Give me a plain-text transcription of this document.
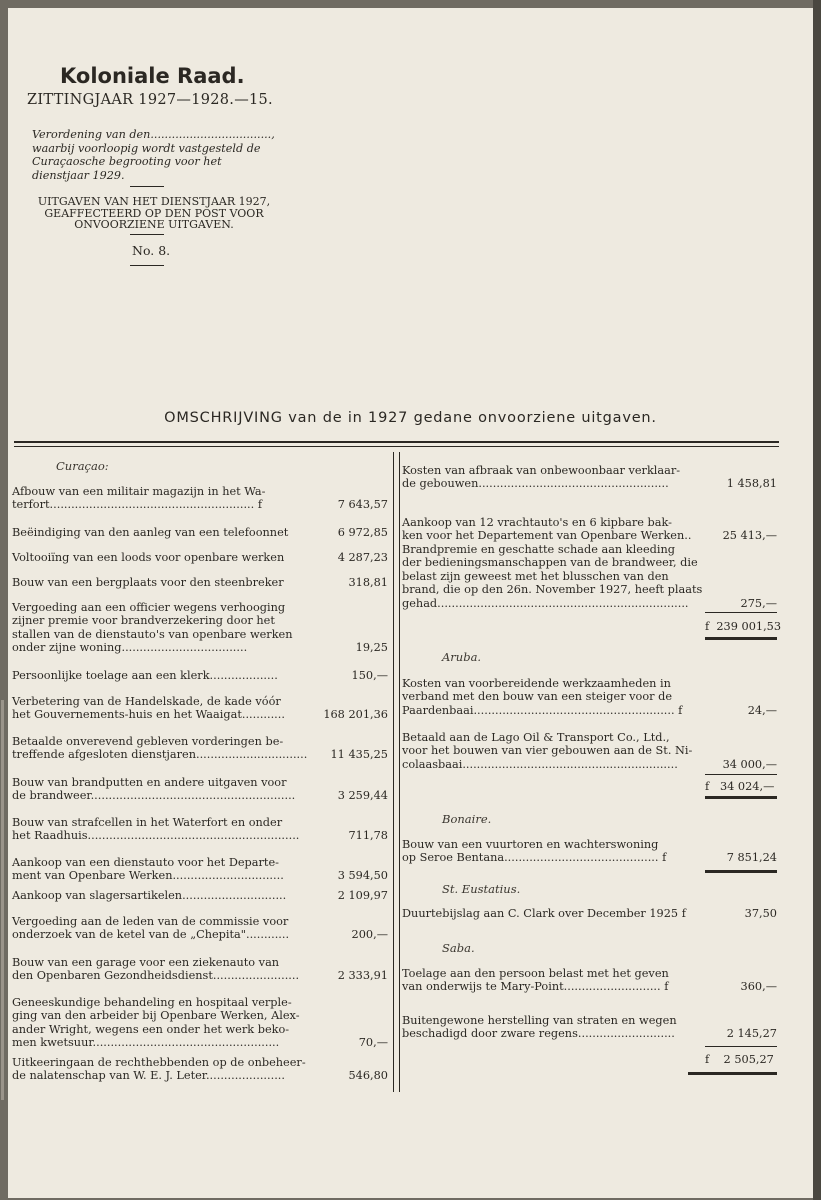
Koloniale Raad.
ZITTINGJAAR 1927—1928.—15.
Verordening van den.................................., waarbij voorloopig wordt vastgesteld de Curaçaosche begrooting voor het dienstjaar 1929.
UITGAVEN VAN HET DIENSTJAAR 1927, GEAFFECTEERD OP DEN POST VOOR ONVOORZIENE UITGAVEN.
No. 8.
OMSCHRIJVING van de in 1927 gedane onvoorziene uitgaven.
Curaçao:
Afbouw van een militair magazijn in het Wa-
terfort......................................................... f	7 643,57
Beëindiging van den aanleg van een telefoonnet	6 972,85
Voltooiïng van een loods voor openbare werken	4 287,23
Bouw van een bergplaats voor den steenbreker	318,81
Vergoeding aan een officier wegens verhooging
zijner premie voor brandverzekering door het
stallen van de dienstauto's van openbare werken
onder zijne woning...................................	19,25
Persoonlijke toelage aan een klerk...................	150,—
Verbetering van de Handelskade, de kade vóór
het Gouvernements-huis en het Waaigat............	168 201,36
Betaalde onverevend gebleven vorderingen be-
treffende afgesloten dienstjaren............................... 11 435,25
Bouw van brandputten en andere uitgaven voor
de brandweer.........................................................	3 259,44
Bouw van strafcellen in het Waterfort en onder
het Raadhuis...........................................................	711,78
Aankoop van een dienstauto voor het Departe-
ment van Openbare Werken...............................	3 594,50
Aankoop van slagersartikelen.............................	2 109,97
Vergoeding aan de leden van de commissie voor
onderzoek van de ketel van de „Chepita"............	200,—
Bouw van een garage voor een ziekenauto van
den Openbaren Gezondheidsdienst........................	2 333,91
Geneeskundige behandeling en hospitaal verple-
ging van den arbeider bij Openbare Werken, Alex-
ander Wright, wegens een onder het werk beko-
men kwetsuur....................................................	70,—
Uitkeeringaan de rechthebbenden op de onbeheer-
de nalatenschap van W. E. J. Leter......................	546,80
Kosten van afbraak van onbewoonbaar verklaar-
de gebouwen.....................................................	1 458,81
Aankoop van 12 vrachtauto's en 6 kipbare bak-
ken voor het Departement van Openbare Werken..	25 413,—
Brandpremie en geschatte schade aan kleeding
der bedieningsmanschappen van de brandweer, die
belast zijn geweest met het blusschen van den
brand, die op den 26n. November 1927, heeft plaats
gehad......................................................................	275,—
Kosten van voorbereidende werkzaamheden in
verband met den bouw van een steiger voor de
Paardenbaai........................................................ f	24,—
Betaald aan de Lago Oil & Transport Co., Ltd.,
voor het bouwen van vier gebouwen aan de St. Ni-
colaasbaai............................................................	34 000,—
Bouw van een vuurtoren en wachterswoning
op Seroe Bentana........................................... f	7 851,24
Duurtebijslag aan C. Clark over December 1925 f	37,50
Toelage aan den persoon belast met het geven
van onderwijs te Mary-Point........................... f	360,—
Buitengewone herstelling van straten en wegen
beschadigd door zware regens...........................	2 145,27
f  239 001,53
Aruba.
f   34 024,—
Bonaire.
St. Eustatius.
Saba.
f    2 505,27
